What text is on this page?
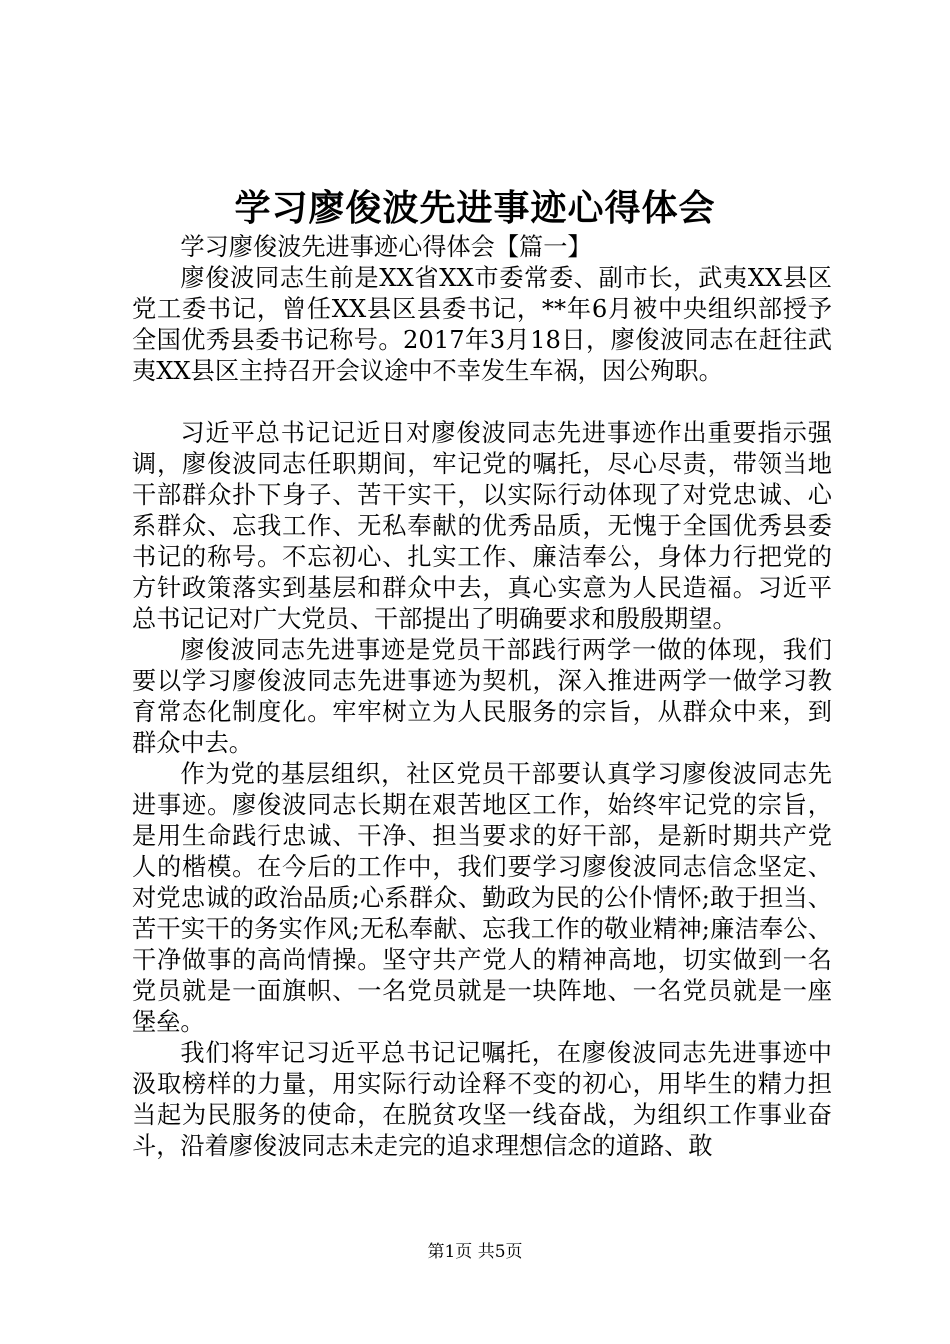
学习廖俊波先进事迹心得体会

学习廖俊波先进事迹心得体会【篇一】

廖俊波同志生前是XX省XX市委常委、副市长，武夷XX县区党工委书记，曾任XX县区县委书记，**年6月被中央组织部授予全国优秀县委书记称号。2017年3月18日，廖俊波同志在赶往武夷XX县区主持召开会议途中不幸发生车祸，因公殉职。

习近平总书记记近日对廖俊波同志先进事迹作出重要指示强调，廖俊波同志任职期间，牢记党的嘱托，尽心尽责，带领当地干部群众扑下身子、苦干实干，以实际行动体现了对党忠诚、心系群众、忘我工作、无私奉献的优秀品质，无愧于全国优秀县委书记的称号。不忘初心、扎实工作、廉洁奉公，身体力行把党的方针政策落实到基层和群众中去，真心实意为人民造福。习近平总书记记对广大党员、干部提出了明确要求和殷殷期望。

廖俊波同志先进事迹是党员干部践行两学一做的体现，我们要以学习廖俊波同志先进事迹为契机，深入推进两学一做学习教育常态化制度化。牢牢树立为人民服务的宗旨，从群众中来，到群众中去。

作为党的基层组织，社区党员干部要认真学习廖俊波同志先进事迹。廖俊波同志长期在艰苦地区工作，始终牢记党的宗旨，是用生命践行忠诚、干净、担当要求的好干部，是新时期共产党人的楷模。在今后的工作中，我们要学习廖俊波同志信念坚定、对党忠诚的政治品质;心系群众、勤政为民的公仆情怀;敢于担当、苦干实干的务实作风;无私奉献、忘我工作的敬业精神;廉洁奉公、干净做事的高尚情操。坚守共产党人的精神高地，切实做到一名党员就是一面旗帜、一名党员就是一块阵地、一名党员就是一座堡垒。

我们将牢记习近平总书记记嘱托，在廖俊波同志先进事迹中汲取榜样的力量，用实际行动诠释不变的初心，用毕生的精力担当起为民服务的使命，在脱贫攻坚一线奋战，为组织工作事业奋斗，沿着廖俊波同志未走完的追求理想信念的道路、敢

第1页 共5页
